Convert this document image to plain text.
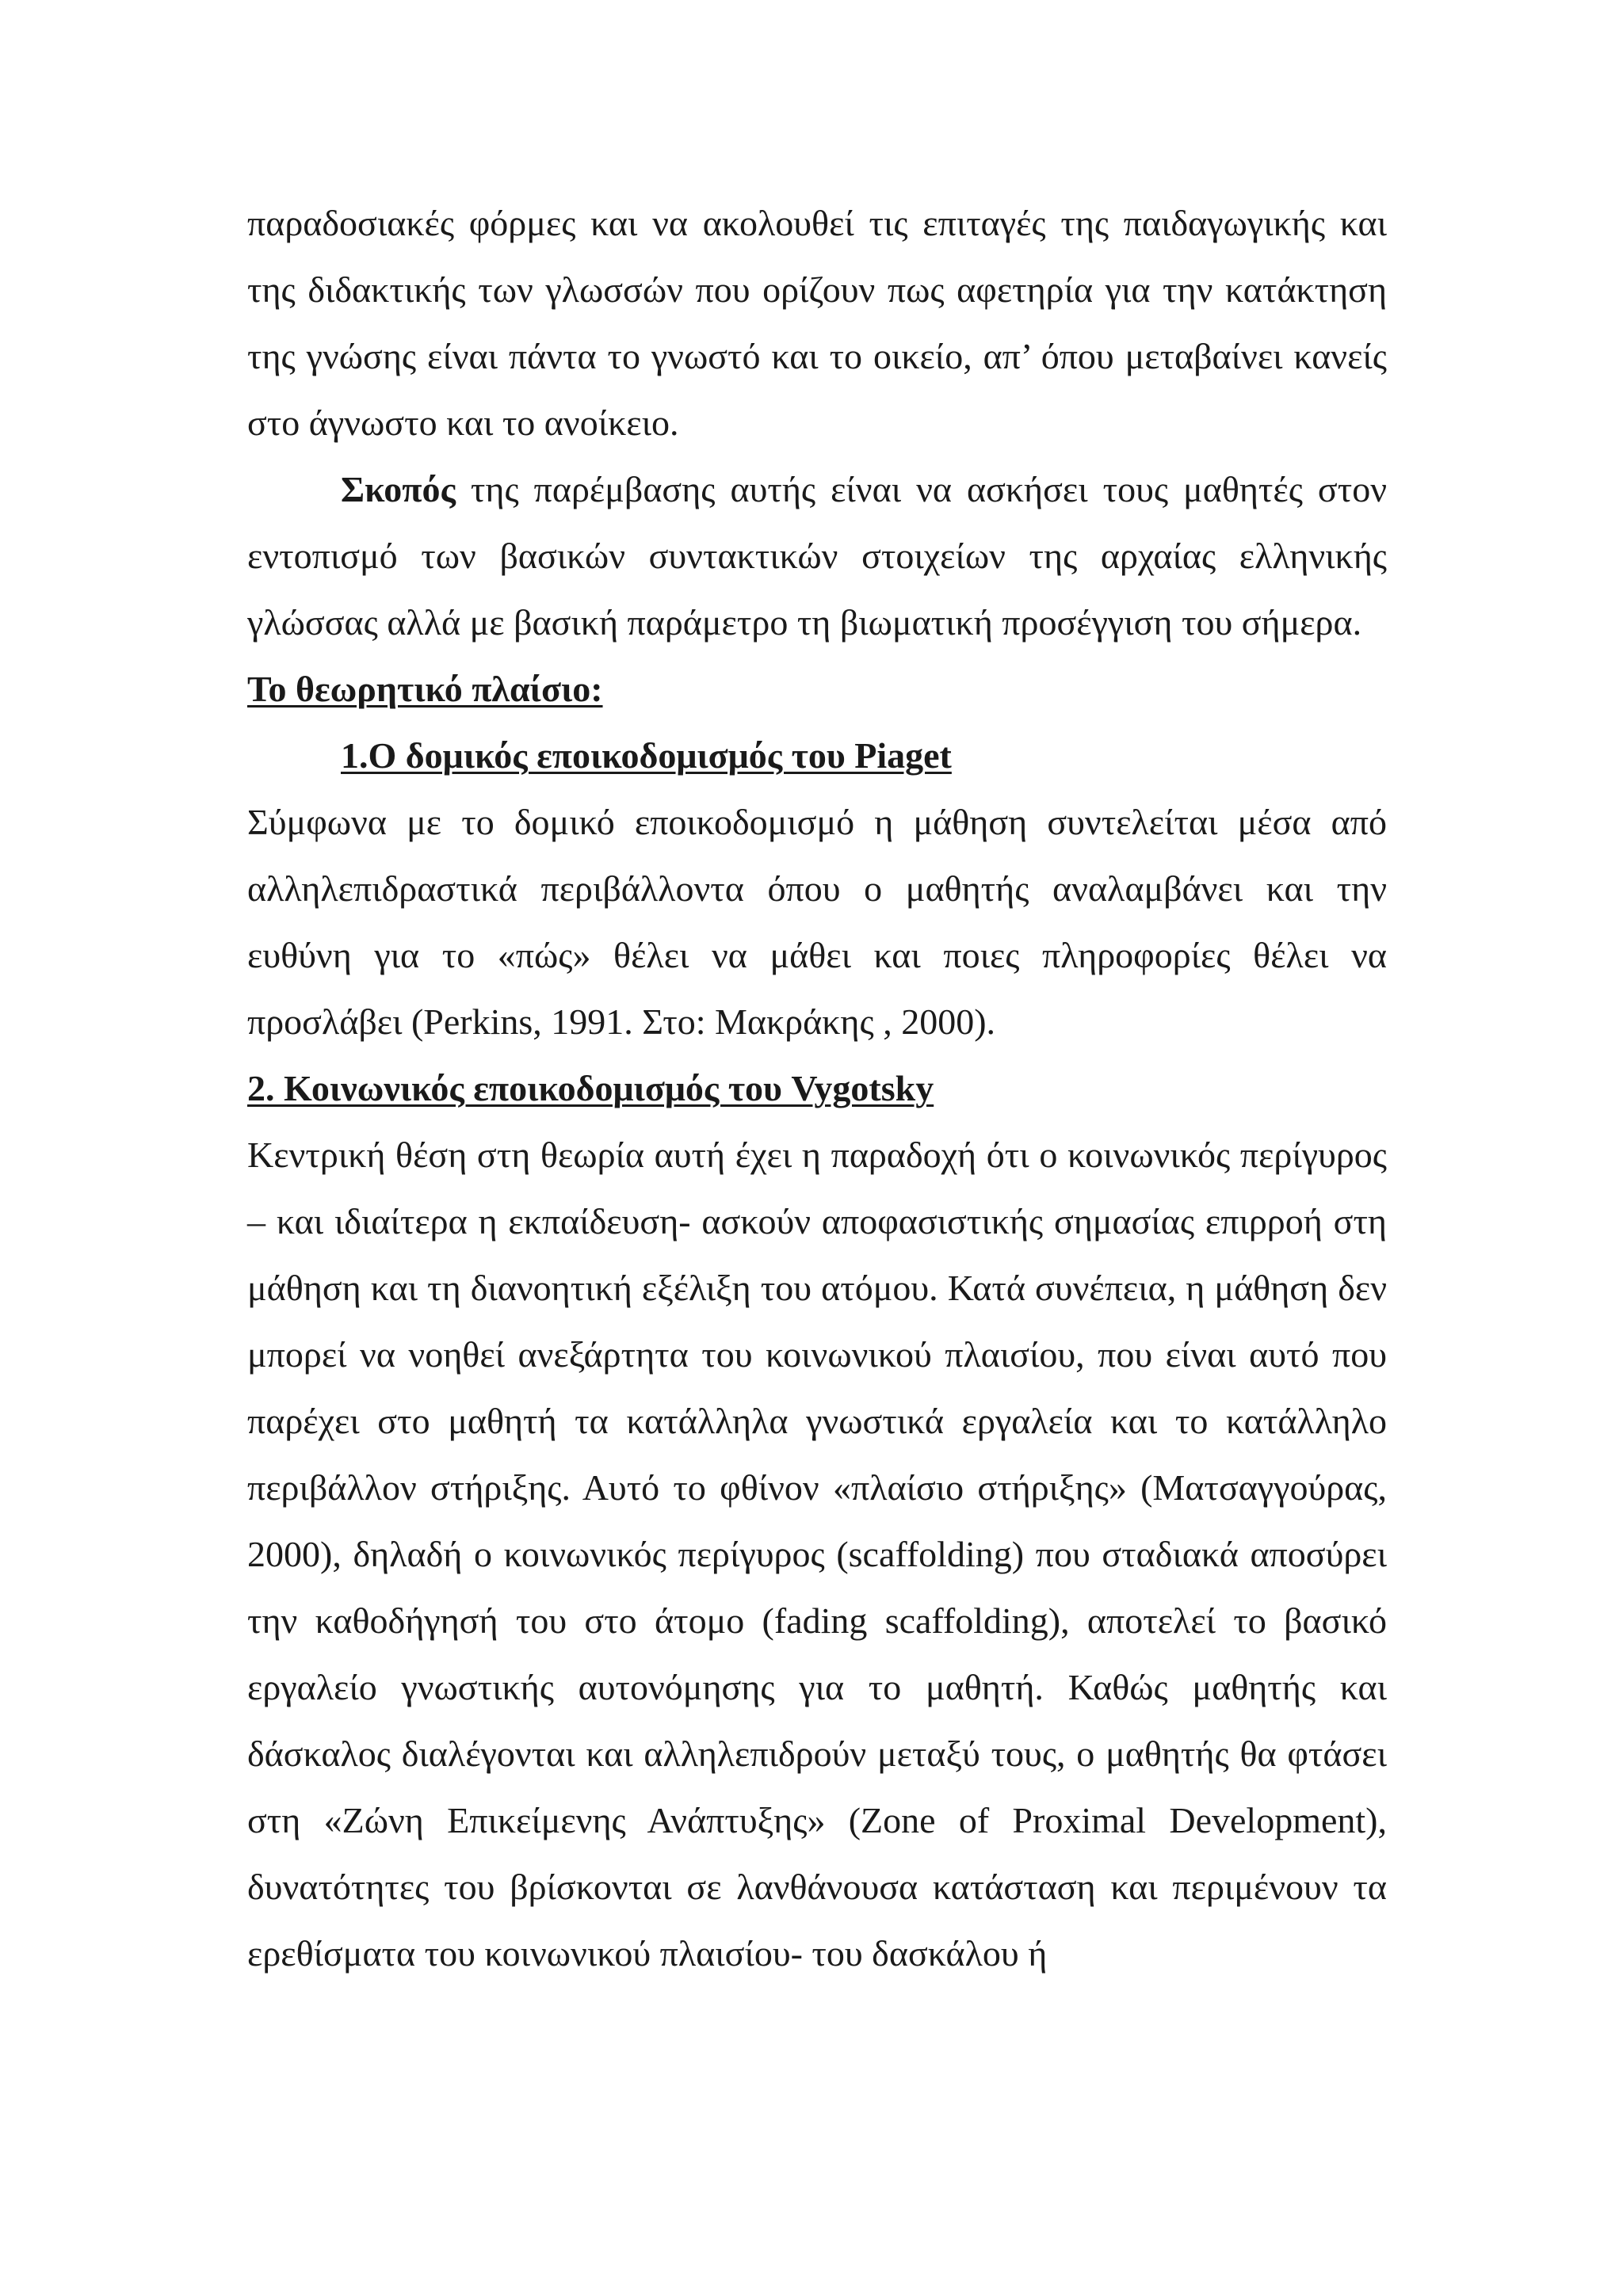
παραδοσιακές φόρμες και να ακολουθεί τις επιταγές της παιδαγωγικής και της διδακτικής των γλωσσών που ορίζουν πως αφετηρία για την κατάκτηση της γνώσης είναι πάντα το γνωστό και το οικείο, απ’ όπου μεταβαίνει κανείς στο άγνωστο και το ανοίκειο.

Σκοπός της παρέμβασης αυτής είναι να ασκήσει τους μαθητές στον εντοπισμό των βασικών συντακτικών στοιχείων της αρχαίας ελληνικής γλώσσας αλλά με βασική παράμετρο τη βιωματική προσέγγιση του σήμερα.

Το θεωρητικό πλαίσιο:

1.Ο δομικός εποικοδομισμός του Piaget

Σύμφωνα με το δομικό εποικοδομισμό η μάθηση συντελείται μέσα από αλληλεπιδραστικά περιβάλλοντα όπου ο μαθητής αναλαμβάνει και την ευθύνη για το «πώς» θέλει να μάθει και ποιες πληροφορίες θέλει να προσλάβει (Perkins, 1991. Στο: Μακράκης , 2000).

2. Κοινωνικός εποικοδομισμός του Vygotsky

Κεντρική θέση στη θεωρία αυτή έχει η παραδοχή ότι ο κοινωνικός περίγυρος – και ιδιαίτερα η εκπαίδευση- ασκούν αποφασιστικής σημασίας επιρροή στη μάθηση και τη διανοητική εξέλιξη του ατόμου. Κατά συνέπεια, η μάθηση δεν μπορεί να νοηθεί ανεξάρτητα του κοινωνικού πλαισίου, που είναι αυτό που παρέχει στο μαθητή τα κατάλληλα γνωστικά εργαλεία και το κατάλληλο περιβάλλον στήριξης. Αυτό το φθίνον «πλαίσιο στήριξης» (Ματσαγγούρας, 2000), δηλαδή ο κοινωνικός περίγυρος (scaffolding) που σταδιακά αποσύρει την καθοδήγησή του στο άτομο (fading scaffolding), αποτελεί το βασικό εργαλείο γνωστικής αυτονόμησης για το μαθητή. Καθώς μαθητής και δάσκαλος διαλέγονται και αλληλεπιδρούν μεταξύ τους, ο μαθητής θα φτάσει στη «Ζώνη Επικείμενης Ανάπτυξης» (Zone of Proximal Development), δυνατότητες του βρίσκονται σε λανθάνουσα κατάσταση και περιμένουν τα ερεθίσματα του κοινωνικού πλαισίου- του δασκάλου ή
